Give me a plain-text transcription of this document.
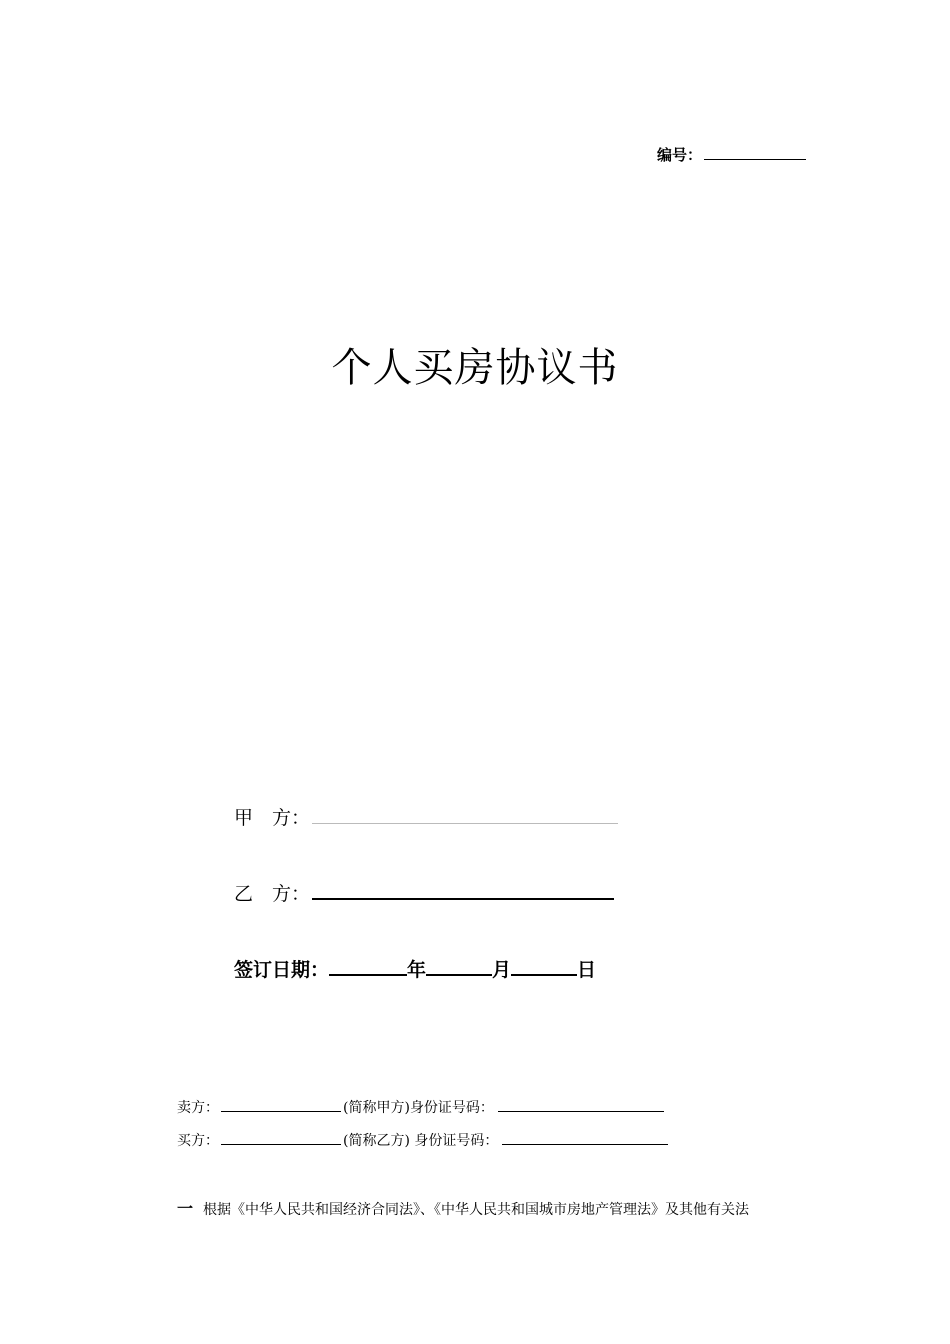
编号：
个人买房协议书
甲　方：
乙　方：
签订日期：	年	月	日
卖方：	(简称甲方)身份证号码：
买方：	(简称乙方) 身份证号码：
一 根据《中华人民共和国经济合同法》、《中华人民共和国城市房地产管理法》及其他有关法
